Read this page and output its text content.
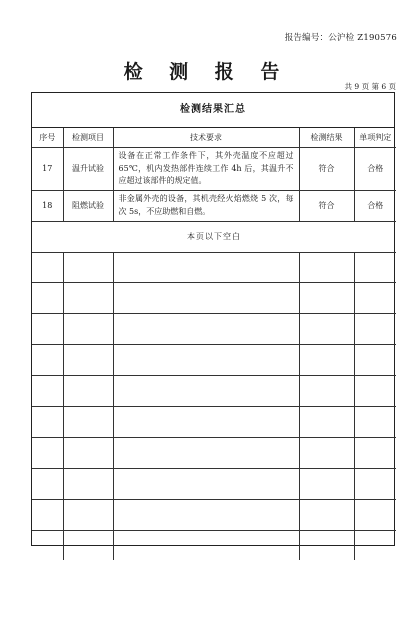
报告编号：公沪检 Z190576
检 测 报 告
共 9 页 第 6 页
检测结果汇总
序号	检测项目	技术要求	检测结果	单项判定
17	温升试验	设备在正常工作条件下，其外壳温度不应超过 65℃，机内发热部件连续工作 4h 后，其温升不应超过该部件的规定值。	符合	合格
18	阻燃试验	非金属外壳的设备，其机壳经火焰燃烧 5 次，每次 5s，不应助燃和自燃。	符合	合格
本页以下空白				
